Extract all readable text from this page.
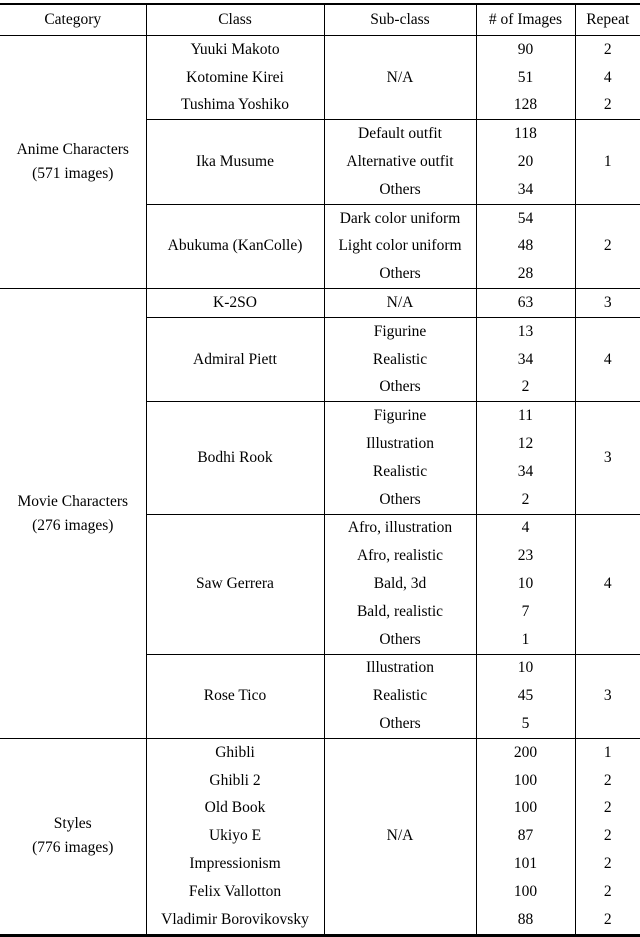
Category	Class	Sub-class	# of Images	Repeat

Anime Characters
(571 images)	Yuuki Makoto	N/A	90	2
	Kotomine Kirei		51	4
	Tushima Yoshiko		128	2
	Ika Musume	Default outfit	118	1
		Alternative outfit	20	
		Others	34	
	Abukuma (KanColle)	Dark color uniform	54	2
		Light color uniform	48	
		Others	28	

Movie Characters
(276 images)	K-2SO	N/A	63	3
	Admiral Piett	Figurine	13	4
		Realistic	34	
		Others	2	
	Bodhi Rook	Figurine	11	3
		Illustration	12	
		Realistic	34	
		Others	2	
	Saw Gerrera	Afro, illustration	4	4
		Afro, realistic	23	
		Bald, 3d	10	
		Bald, realistic	7	
		Others	1	
	Rose Tico	Illustration	10	3
		Realistic	45	
		Others	5	

Styles
(776 images)	Ghibli	N/A	200	1
	Ghibli 2		100	2
	Old Book		100	2
	Ukiyo E		87	2
	Impressionism		101	2
	Felix Vallotton		100	2
	Vladimir Borovikovsky		88	2
